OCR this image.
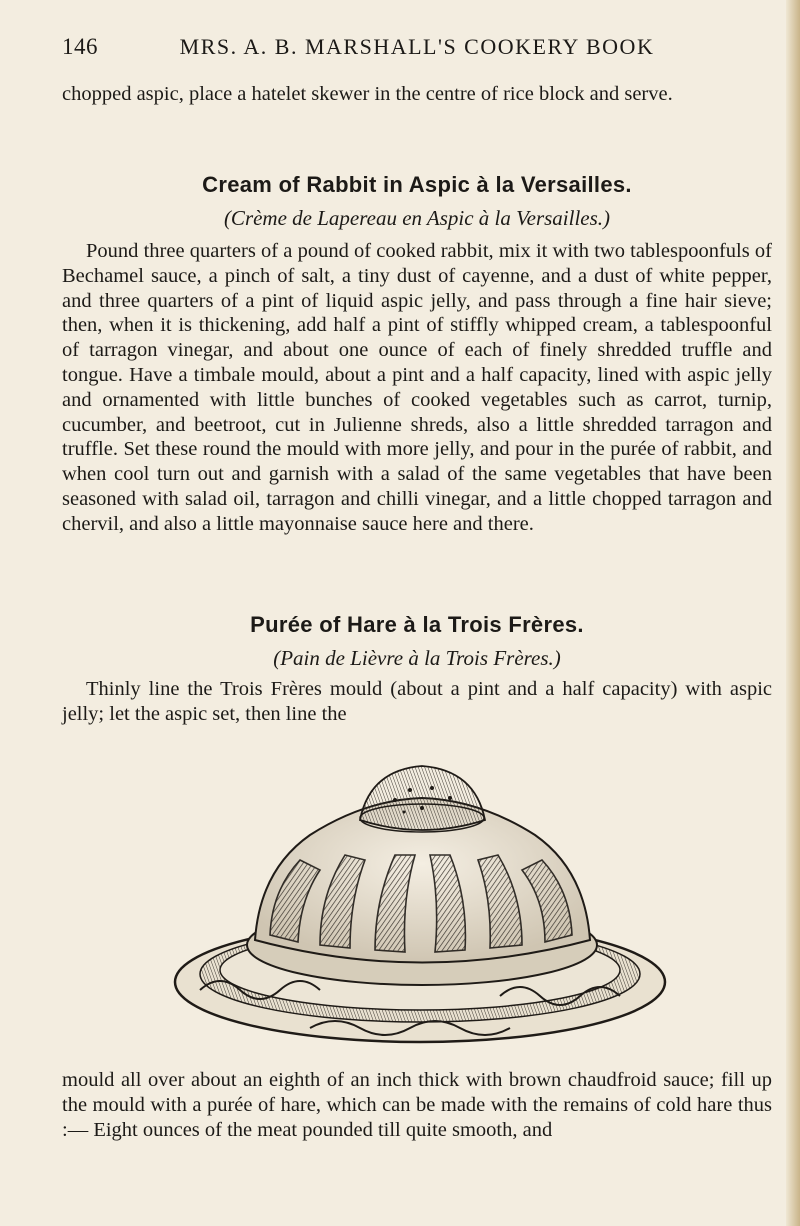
146	MRS. A. B. MARSHALL'S COOKERY BOOK

chopped aspic, place a hatelet skewer in the centre of rice block and serve.

Cream of Rabbit in Aspic à la Versailles.
(Crème de Lapereau en Aspic à la Versailles.)

Pound three quarters of a pound of cooked rabbit, mix it with two tablespoonfuls of Bechamel sauce, a pinch of salt, a tiny dust of cayenne, and a dust of white pepper, and three quarters of a pint of liquid aspic jelly, and pass through a fine hair sieve; then, when it is thickening, add half a pint of stiffly whipped cream, a tablespoonful of tarragon vinegar, and about one ounce of each of finely shredded truffle and tongue. Have a timbale mould, about a pint and a half capacity, lined with aspic jelly and ornamented with little bunches of cooked vegetables such as carrot, turnip, cucumber, and beetroot, cut in Julienne shreds, also a little shredded tarragon and truffle. Set these round the mould with more jelly, and pour in the purée of rabbit, and when cool turn out and garnish with a salad of the same vegetables that have been seasoned with salad oil, tarragon and chilli vinegar, and a little chopped tarragon and chervil, and also a little mayonnaise sauce here and there.

Purée of Hare à la Trois Frères.
(Pain de Lièvre à la Trois Frères.)

Thinly line the Trois Frères mould (about a pint and a half capacity) with aspic jelly; let the aspic set, then line the

mould all over about an eighth of an inch thick with brown chaudfroid sauce; fill up the mould with a purée of hare, which can be made with the remains of cold hare thus :— Eight ounces of the meat pounded till quite smooth, and
